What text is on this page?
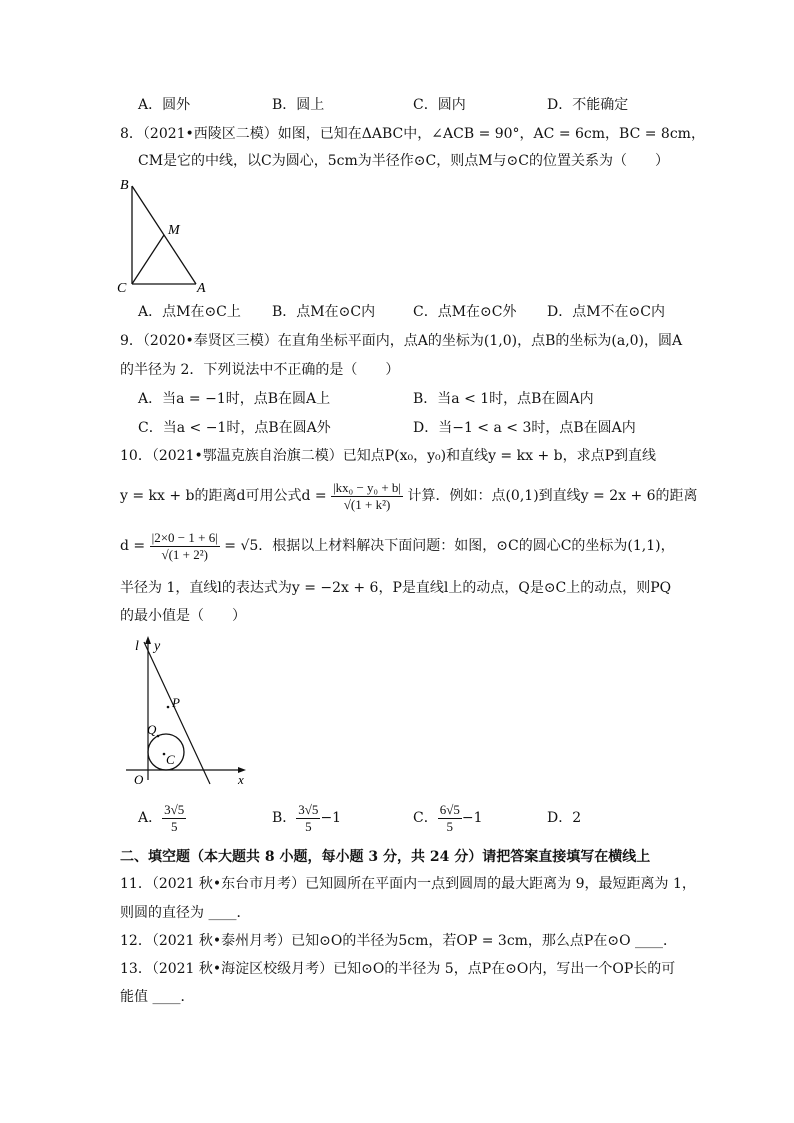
A．圆外	B．圆上	C．圆内	D．不能确定
8．（2021•西陵区二模）如图，已知在ΔABC中，∠ACB = 90°，AC = 6cm，BC = 8cm，
CM是它的中线，以C为圆心，5cm为半径作⊙C，则点M与⊙C的位置关系为（　　）
B
M
C	A
A．点M在⊙C上 B．点M在⊙C内	C．点M在⊙C外 D．点M不在⊙C内
9．（2020•奉贤区三模）在直角坐标平面内，点A的坐标为(1,0)，点B的坐标为(a,0)，圆A
的半径为 2．下列说法中不正确的是（　　）
A．当a = −1时，点B在圆A上	B．当a < 1时，点B在圆A内
C．当a < −1时，点B在圆A外	D．当−1 < a < 3时，点B在圆A内
10．（2021•鄂温克族自治旗二模）已知点P(x₀，y₀)和直线y = kx + b，求点P到直线
y = kx + b的距离d可用公式$d = \frac{\text{|kx₀ − y₀ + b|}}{\text{√(1 + k²)}}$ 计算．例如：点(0,1)到直线y = 2x + 6的距离
$d = \frac{|2\times 0 - 1 + 6|}{\text{√(1 + 2²)}} = √5$．根据以上材料解决下面问题：如图，⊙C的圆心C的坐标为(1,1)，
半径为 1，直线l的表达式为y = −2x + 6，P是直线l上的动点，Q是⊙C上的动点，则PQ
的最小值是（　　）
l y
P
Q
C
O	x
A． $\frac{3√5}{5}$	B． $\frac{3√5}{5} -1$	C． $\frac{6√5}{5} -1$	D．2
二、填空题（本大题共 8 小题，每小题 3 分，共 24 分）请把答案直接填写在横线上
11．（2021 秋•东台市月考）已知圆所在平面内一点到圆周的最大距离为 9，最短距离为 1，
则圆的直径为 ____．
12．（2021 秋•泰州月考）已知⊙O的半径为5cm，若OP = 3cm，那么点P在⊙O ____．
13．（2021 秋•海淀区校级月考）已知⊙O的半径为 5，点P在⊙O内，写出一个OP长的可
能值 ____．
